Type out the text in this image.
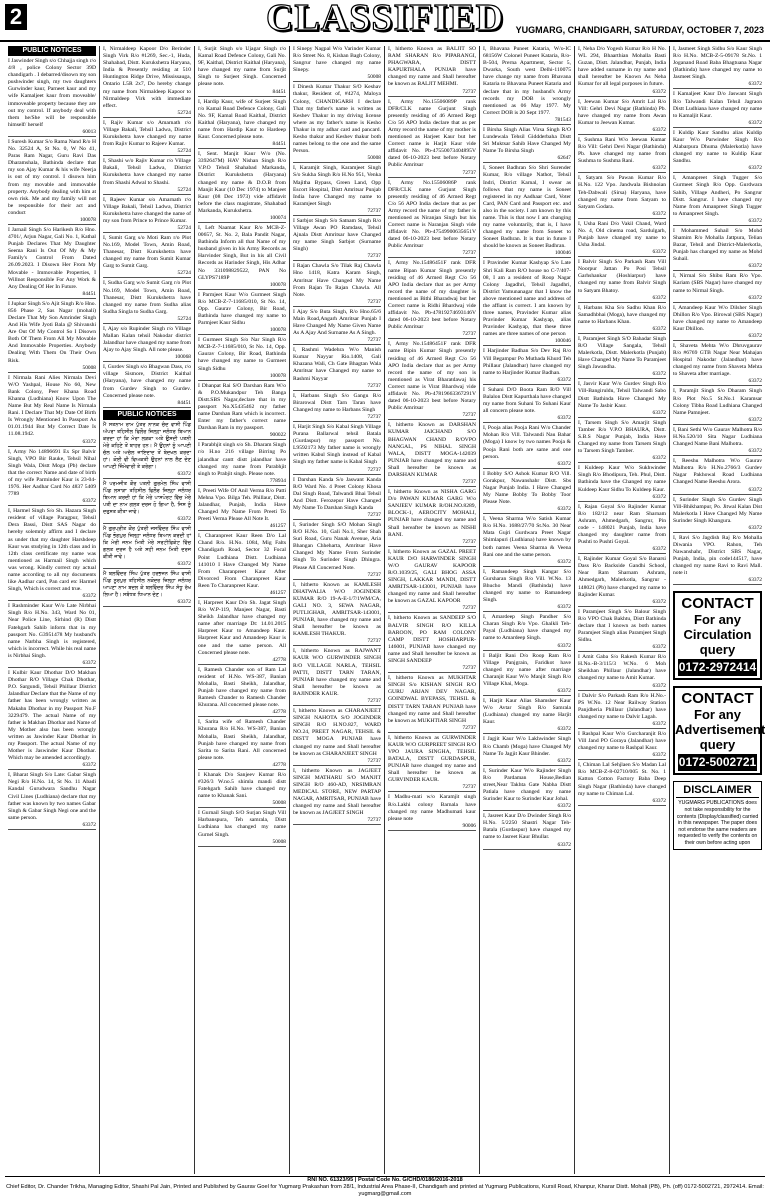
2	CLASSIFIED	YUGMARG, CHANDIGARH, SATURDAY, OCTOBER 7, 2023
PUBLIC NOTICES

I Jaswinder Singh s/o Chhajja singh r/o 4/8 , police Colony Sector 39D chandigarh . I debarred/disown my son pushwinder singh, my two daughters Gurwinder kaur, Parneet kaur and my wife Kamaljeet kaur from moveable/ immoveable property because they are out my control. If anybody deal with them he/She will be responsible himself/ herself

60013

I Suresh Kumar S/o Rama Nand R/o H No. 32524 A, St No. 0, W No 41, Paras Ram Nagar, Guru Ravi Das Dharamshala, Bathinda declare that my son Ajay Kumar & his wife Neerja is out of my control. I disown him from my movable and immovable property. Anybody dealing with him at own risk. Me and my family will not be responsible for their act and conduct

100078

I Jarnail Singh S/o Harikesh R/o Hno. 4701/, Arjun Nagar, Gali No. 1, Kathal Punjab Declares That My Daughter Seema Rani Is Out Of My & My Family's Control From Dated 26.09.2023. I Disown Her From My Movable - Immovable Properties, I Willnot Responsible For Any Work & Any Dealing Of Her In Future.

84451

I Jupkar Singh S/o Ajit Singh R/o Hno. 856 Phase 2, Sas Nagar (mohali) Declare That My Son Amrinder Singh And His Wife Jyoti Bala @ Shivanshi Are Out Of My Control So I Disown Both Of Them From All My Movable And Immovable Properties. Anybody Dealing With Them On Their Own Risk.

50008

I Nirmala Rani Alies Nirmala Devi W/O Yashpal, House No 60, New Bank Colony, Peer Khana Road Khanna (Ludhiana) Know Upon The Name But My Real Name Is Nirmala Rani. I Declare That My Date Of Birth Is Wrongly Mentioned In Passport As 01.01.1944 But My Correct Date Is 11.08.1942.

63372

I, Army No 14896691 Ex Spr Balvir Singh, VPO Bir Rauke, Tehsil Nihal Singh Wala, Distt Moga (Pb) declare that the correct Name and date of birth of my wife Parminder Kaur is 23-04-1976. Her Aadhar Card No 4837 5409 7789

63372

I, Harmel Singh S/o Sh. Hazara Singh resident of village Paragpur, Tehsil Dera Bassi, Distt SAS Nagar do hereby solemnly affirm and I declare as under that my daughter Harshdeep Kaur was studying in 12th class and in 12th class certificate my name was mentioned as Harmail Singh which was wrong. Kindly correct my actual name according to all my documents like Aadhar card, Pan card etc Harmel Singh, Which is correct and true.

63372

I Rashminder Kaur W/o Late Nirbhai Singh R/o H.No. 343, Ward No 01, Near Police Line, Sirhind (R) Distt Fatehgarh Sahib inform that in my passport No. G3951478 My husband's name Narbha Singh is registered, which is incorrect. While his real name is Nirbhai Singh.

63372

I Kulbir Kaur Dhothar D/O Makhan Dhothar R/O Village Chak Dhothar, P.O. Sargundi, Tehsil Phillaur District Jalandhar Declare that the Name of my father has been wrongly written as Makahn Dhothar in my Passport No.F 3229479. The actual Name of my father is Makhan Dhothar and Name of My Mother also has been wrongly written as Jawinder Kaur Dhothar in my Passport. The actual Name of my Mother is Jaswinder Kaur Dhothar. Which may be amended accordingly.

63372

I, Bharat Singh S/o Late: Gabar Singh Negi R/o H.No. 14, St No. 11 Abadi Kandal Gurudwara Sandhu Nagar Civil Lines (Ludhiana) declare that my father was known by two names Gabar Singh & Gabar Singh Negi one and the same person.

63372

I, Nirmaldeep Kapoor D/o Berinder Singh Virk R/o #1269, Sec.-1, Huda, Shahabad, Distt. Kurukshetra Haryana, India & Presently residing at 510 Huntington Ridge Drive, Mississauga, Ontario L5R 2x7, Do hereby change my name from Nirmaldeep Kapoor to Nirmaldeep Virk with immediate effect.

52724

I, Rajiv Kumar s/o Amarnath r/o Village Bakali, Tehsil Ladwa, District Kurukshetra have changed my name from Rajiv Kumar to Rajeev Kumar.

52724

I, Shashi w/o Rajiv Kumar r/o Village Bakali, Tehsil Ladwa, District Kurukshetra have changed my name from Shashi Adwal to Shashi.

52724

I, Rajeev Kumar s/o Amarnath r/o Village Bakali, Tehsil Ladwa, District Kurukshetra have changed the name of my son from Prince to Prince Kumar.

52724

I, Sumit Garg s/o Moti Ram r/o Plot No.169, Model Town, Amin Road, Thanesar, Distt Kurukshetra have changed my name from Sumit Kumar Garg to Sumit Garg.

52724

I, Sudha Garg w/o Sumit Garg r/o Plot No.169, Model Town, Amin Road, Thanesar, Distt Kurukshetra have changed my name from Sudha alias Sudha Singla to Sudha Garg.

52724

I, Ajay s/o Rupinder Singh r/o Village Mallan Kalan tehsil Nakodar district Jalandhar have changed my name from Ajay to Ajay Singh. All note please.

100068

I, Gurdev Singh s/o Bhagwan Dass, r/o village Sismore, District Kaithal (Haryana), have changed my name from Gurdev Singh to Gurdev. Concerned please note.

84451
PUBLIC NOTICES

ਮੈਂ ਸਤਨਾਮ ਰਾਮ ਪੁੱਤਰ ਨਾਨਕ ਚੰਦ ਵਾਸੀ ਪਿੰਡ ਅੱਪਰਾ ਤਹਿਸੀਲ ਫਿਲੌਰ ਜ਼ਿਲ੍ਹਾ ਜਲੰਧਰ ਬਿਆਨ ਕਰਦਾ ਹਾਂ ਕਿ ਮੇਰਾ ਲੜਕਾ ਅਤੇ ਉਸਦੀ ਪਤਨੀ ਮੇਰੇ ਕਹਿਣੇ ਤੋਂ ਬਾਹਰ ਹਨ। ਮੈਂ ਉਹਨਾਂ ਨੂੰ ਆਪਣੀ ਚੱਲ ਅਤੇ ਅਚੱਲ ਜਾਇਦਾਦ ਤੋਂ ਬੇਦਖਲ ਕਰਦਾ ਹਾਂ। ਕੋਈ ਵੀ ਵਿਅਕਤੀ ਉਹਨਾਂ ਨਾਲ ਲੈਣ ਦੇਣ ਆਪਣੀ ਜ਼ਿੰਮੇਵਾਰੀ ਤੇ ਕਰੇਗਾ।

63372

ਮੈਂ ਪਰਮਜੀਤ ਕੌਰ ਪਤਨੀ ਗੁਰਮੇਲ ਸਿੰਘ ਵਾਸੀ ਪਿੰਡ ਲਸਾੜਾ ਤਹਿਸੀਲ ਫਿਲੌਰ ਜ਼ਿਲ੍ਹਾ ਜਲੰਧਰ ਬਿਆਨ ਕਰਦੀ ਹਾਂ ਕਿ ਮੇਰੇ ਪਾਸਪੋਰਟ ਵਿੱਚ ਮੇਰੇ ਪਤੀ ਦਾ ਨਾਮ ਗਲਤ ਦਰਜ ਹੋ ਗਿਆ ਹੈ, ਜਿਸ ਨੂੰ ਦਰੁਸਤ ਕੀਤਾ ਜਾਵੇ।

63372

ਮੈਂ ਗੁਰਪ੍ਰੀਤ ਕੌਰ ਪੁੱਤਰੀ ਜਸਵਿੰਦਰ ਸਿੰਘ ਵਾਸੀ ਪਿੰਡ ਭੋਗਪੁਰ ਜ਼ਿਲ੍ਹਾ ਜਲੰਧਰ ਬਿਆਨ ਕਰਦੀ ਹਾਂ ਕਿ ਮੇਰੀ ਜਨਮ ਮਿਤੀ ਮੇਰੇ ਸਰਟੀਫਿਕੇਟ ਵਿੱਚ ਗਲਤ ਦਰਜ ਹੈ ਅਤੇ ਸਹੀ ਜਨਮ ਮਿਤੀ ਦਰਜ ਕੀਤੀ ਜਾਵੇ।

63372

ਮੈਂ ਬਲਵਿੰਦਰ ਸਿੰਘ ਪੁੱਤਰ ਹਰਭਜਨ ਸਿੰਘ ਵਾਸੀ ਪਿੰਡ ਨੂਰਪੁਰ ਤਹਿਸੀਲ ਨਕੋਦਰ ਜ਼ਿਲ੍ਹਾ ਜਲੰਧਰ ਆਪਣਾ ਨਾਮ ਬਦਲ ਕੇ ਬਲਵਿੰਦਰ ਸਿੰਘ ਸੰਧੂ ਰੱਖ ਲਿਆ ਹੈ। ਸਬੰਧਤ ਧਿਆਨ ਦੇਣ।

63372

I, Surjit Singh s/o Ujagar Singh r/o Kamal Road Defence Colony, Gali No. 9F, Kaithal, District Kaithal (Haryana), have changed my name from Surjit Singh to Surjeet Singh. Concerned please note.

84451

I, Hardip Kaur, wife of Surjeet Singh r/o Kamal Road Defence Colony, Gali No. 9F, Kamal Road Kaithal, District Kaithal (Haryana), have changed my name from Hardip Kaur to Hardeep Kaur. Concerned please note.

84451

I, Sent. Manjit Kaur W/o (No. 3392647M) HAV Nishan Singh R/o V.P.O Tehsil Shahabad Markanda, District Kurukshetra (Haryana) changed my name & D.O.B from Manjit Kaur (10 Dec 1974) to Manjeet Kaur (08 Dec 1973) vide affidavit before the class magistrate, Shahabad Markanda, Kurukshetra.

100074

I, Left Naamat Kaur R/o MCB-Z-00657, St. No. 2, Bala Pandit Nagar, Bathinda Inform all that Name of my husband given in his Army Records as Harvinder Singh, But in his all Civil Records as Harinder Singh, His Adhar No 331098829522, PAN No GLYPS7189P

100078

I Parmjeet Kaur W/o Gurmeet Singh R/o MCB-Z-7-11685/010, St No. 14, Opp. Gaurav Colony, Bir Road, Bathinda have changed my name to Parmjeet Kaur Sidhu

100078

I Gurmeet Singh S/o Nar Singh R/o MCB-Z-7-11685/010, St No. 14, Opp. Gaurav Colony, Bir Road, Bathinda have changed my name to Gurmeet Singh Sidhu

100078

I Dhanpat Rai S/O Darshan Ram W/o & P.O.Mukandpur Teh Banga Distt.SBS Nagar,declare that in my passport No.X5435462 my father name Darshan Ram which is incorrect. Enter my father's correct name Darshan Ram in my passport.

900022

I Parabhjit singh s/o Sh. Dharam Singh r/o H.no 216 village Birring Po jalandhar cantt distt jalandhar have changed my name from Parabhjit singh to Prabjit singh. Please note.

778934

I, Preeti Wife Of Anil Verma R/o Patti Mehna Vpo. Bilga Teh. Phillaur, Distt. Jalandhar, Punjab, India Have Changed My Name From Preeti To Preeti Verma Please All Note It.

461257

I, Charanpreet Kaur Reen D/o Lal Chand R/o. H.No. 1084, Mig Falts Chandigarh Road, Sector 32 Focal Point Ludhiana Distt. Ludhiana 141010 I Have Changed My Name From Charanpreet Kaur After Divorced From Charanpreet Kaur Reen To Charanpreet Kaur.

461257

I, Harpreet Kaur D/o Sh. Jagat Singh R/o W.P-119, Manjeet Nagar, Basti Sheikh Jalandhar have changed my name after marriage Dt: 14.01.2015 Harpreet Kaur to Amandeep Kaur. Harpreet Kaur and Amandeep Kaur is one and the same person. All Concerned please note.

42778

I, Ramesh Chander son of Ram Lal resident of H.No. WS-387, Banian Mohalla, Basti Sheikh, Jalandhar, Punjab have changed my name from Ramesh Chander to Ramesh Chander Khurana. All concerned please note.

42778

I, Sarita wife of Ramesh Chander Khurana R/o H.No. WS-387, Banian Mohalla, Basti Sheikh, Jalandhar, Punjab have changed my name from Sarita to Sarita Rani. All concerned please note.

42778

I Khanak D/o Sanjeev Kumar R/o #326/3 W.no.5 shimla mandi distt Fatehgarh Sahib have changed my name to Khanak Sani.

50008

I Gurnail Singh S/O Surjan Singh Vill Harbanspura, Teh samrala, Distt Ludhiana has changed my name Gurnel Singh.

50008

I Sinepy Nagpal W/o Varinder Kumar R/o Street No. 8, Kishan Bagh Colony, Sangrur have changed my name Sinepy.

50008

I Dinesh Kumar Thakur S/O Keshav thakur, Resident of, #4274, Maloya Colony, CHANDIGARH I declare That my father's name is written as Keshev Thakur in my driving license where as my father's name is Kesho Thakur in my adhar card and pancard. Kesho thakur and Keshev thakur both names belong to the one and the same Person.

50008

I, Karamjit Singh, Karamjeet Singh S/o Sukha Singh R/o H.No 951, Venka Majitha Bypass, Green Land, Opp Escort Hospital, Distt Amritsar Punjab India have Changed my name to Karamjeet Singh

72737

I Sarbjot Singh S/o Satnam Singh R/o Village Awan PO Ramdass, Tehsil Ajnala Distt Amritsar have Changed my name Singh Sarbjot (Surname Singh)

72737

I Rajan Chawla S/o Tilak Raj Chawla Hno 1418, Katra Karam Singh, Amritsar Have Changed My Name From Rajan To Rajan Chawla. All Note.

72737

I Ajay S/o Buta Singh, R/o Hno.65/6 Main Road,Angarh Amritsar Punjab I Have Changed My Name Given Name As A Ajay And Surname As A Singh.

72737

I, Rashmi Wadehra W/o Manish Kumar Nayyar Rio.1408, Gali Khazana Wali, Ch Gate Bhagtan Wala Amritsar have Changed my name to Rashmi Nayyar

72737

I, Harbans Singh S/o Gangu R/o Birarowal Distt Tarn Taran have Changed my name to Harbans Singh

72737

I, Harjit Singh S/o Kabal Singh Village Purana Ballarwal tehsil Batala (Gurdaspur) my passport No. L9592173 My father name is wrongly written Kabul Singh instead of Kabal Singh my father name is Kabal Singh

72737

I Darshan Kanda S/o Jaswant Kanda R/O Ward No. 4 Preet Colony Khosa Dal Singh Road, Talwandi Bhai Tehsil And Distt. Ferozepur Have Changed My Name To Darshan Singh Kanda

72737

I, Surinder Singh S/O Mohan Singh R/O H.No. 10, Gali No.1, Sher Shah Suri Road, Guru Nanak Avenue, Aria Bhangan Chheharta, Amritsar Have Changed My Name From Surinder Singh To Surinder Singh Dhingra. Please All Concerned Note.

72737

I, hitherto Known as KAMLESH DHATWALIA W/O JOGINDER KUMAR R/O 19-A-E-1/7/1WM/CA, GALI NO. 3, SEWA NAGAR, PUTLIGHAR, AMRITSAR-143001, PUNJAB, have changed my name and Shall hereafter be known as KAMLESH THAKUR.

72737

I, hitherto Known as RAJWANT KAUR W/O GURWINDER SINGH R/O VILLAGE NARLA, TEHSIL PATTI, DISTT TARN TARAN, PUNJAB have changed my name and Shall hereafter be known as RAJINDER KAUR.

72737

I, hitherto Known as CHARANJEET SINGH NAHOTA S/O JOGINDER SINGH R/O H.NO.827, WARD NO.24, PREET NAGAR, TEHSIL & DISTT MOGA PUNJAB have changed my name and Shall hereafter be known as CHARANJEET SINGH

72737

I, hitherto Known as JAGJEET SINGH MATHARU S/O MANJIT SINGH R/O 460-AD, NRSIMRAN MEDICAL STORE, NEW PARTAP NAGAR, AMRITSAR, PUNJAB have changed my name and Shall hereafter be known as JAGJEET SINGH

72737

I, hitherto Known as BALJIT SO RAM SHARAN R/o PIPARANGI, PHAGWARA, DISTT KAPURTHALA PUNJAB have changed my name and Shall hereafter be known as BALJIT MEHMI.

72737

I, Army No.15506089P rank DFR/CLK name Gurjunt Singh presently residing of 46 Armed Regt C/o 56 APO India declare that as per Army record the name of my mother is mentioned as Harjeet Kaur but her Correct name is Harjit Kaur vide affidavit No. Pb-47550073404895V dated 06-10-2023 best before Notary Public Amritsar

72737

I, Army No.15506086P rank DFR/CLK name Gurjunt Singh presently residing of 46 Armed Regt C/o 56 APO India declare that as per Army record the name of my father is mentioned as Niranjan Singh but his Correct name is Naranjan Singh vide affidavit No. Pb-47549900635651V dated 06-10-2023 best before Notary Public Amritsar

72737

I, Army No.15486451F rank DFR name Bipan Kumar Singh presently residing of 46 Armed Regt C/o 56 APO India declare that as per Army record the name of my daughter is mentioned as Bithi Bharadwaj but her Correct name is Ridhi Bhardwaj vide affidavit No. Pb-47819274693146V dated 06-10-2023 best before Notary Public Amritsar

72737

I, Army No.15486451F rank DFR name Bipin Kumar Singh presently residing of 46 Armed Regt C/o 56 APO India declare that as per Army record the name of my son is mentioned as Virat Bharatdawaj his Correct name is Virat Bhardwaj vide affidavit No. Pb-47819663367291V dated 06-10-2023 best before Notary Public Amritsar

72737

I, hitherto Known as DARSHAN KUMAR JAICHAND S/O BHAGWAN CHAND R/OVPO NANGAL, PS NIHAL SINGH WALA, DISTT MOGA-142039 PUNJAB have changed my name and Shall hereafter be known as DARSHAN KUMAR

72737

I, hitherto Known as NISHA GARG D/o PAWAN KUMAR GARG W/o SANJEEV KUMAR R/OH.NO.8289, BLOCK-1, AEROCITY MOHALI, PUNJAB have changed my name and Shall hereafter be known as NISHI RANI.

72737

I, hitherto Known as GAZAL PREET KAUR D/O HARWINDER SINGH W/O GAURAV KAPOOR R/O.1039/25, GALI BHOG ASSA SINGH, LAKKAR MANDI, DISTT AMRITSAR-143001, PUNJAB have changed my name and Shall hereafter be known as GAZAL KAPOOR

72737

I, hitherto Known as SANDEEP S/O BALVIR SINGH R/O KILLA BAROON, PO RAM COLONY CAMP DISTT HOSHIARPUR-146001, PUNJAB have changed my name and Shall hereafter be known as SINGH SANDEEP

72737

I, hitherto Known as MUKHTAR SINGH S/o KISHAN SINGH R/O GURU ARJAN DEV NAGAR, GOINDWAL BYEPASS, TEHSIL & DISTT TARN TARAN PUNJAB have changed my name and Shall hereafter be known as MUKHTIAR SINGH

72737

I, hitherto Known as GURWINDER KAUR W/O GURPREET SINGH R/O VPO JAURA SINGHA, TEHSIL BATALA, DISTT GURDASPUR, PUNJAB have changed my name and Shall hereafter be known as GURVINDER KAUR.

72737

I Madhu-mati w/o Karamjit singh R/o.Lakhi colony Barnala have changed my name Madhumati kaur please note

90006

I, Bhavana Puneet Kataria, W/o-IC 68156W Colonel Puneet Kataria, R/o- B-504, Prerna Apartment, Sector 5, Dwarka, South west Delhi-110075 have change my name from Bhavana Kataria to Bhavana Puneet Kataria and declare that in my husband's Army records my DOB is wrongly mentioned as 06 May 1977. My Correct DOB is 20 Sept 1977.

781543

I Birsha Singh Alias Virsa Singh R/O Lundewala Tehsil Giddderbaha Distt Sri Muktsar Sahib Have Changed My Name To Birsha Singh

62647

I, Soneet Badhran S/o Shri Surender Kumar, R/o village Nathot, Tehsil Indri, District Karnal, I swear as follows that my name is Soneet registered in my Aadhaar Card, Voter Card, PAN Card and Passport etc. and also in the society. I am known by this name. This is that now I am changing my name voluntarily, that is, I have changed my name from Soneet to Soneet Badhran. It is that in future I should be known as Soneet Badhran.

100046

I Pravinder Kumar Kashyap S/o Late Shri Kali Ram R/O house no C-7/407-08, I am a resident of Roop Nagar Colony Jagadhri, Tehsil Jagadhri, District Yamunanagar that I know the above mentioned name and address of the affiant is correct. I am known by three names, Pravinder Kumar alias Pravinder Kumar Kashyap, alias Pravinder Kashyap, that these three names are three names of one person

100046

I Harjinder Badhan S/o Dev Raj R/o Vill Begampur Po Muthada Khurd Teh Phillaur (Jalandhar) have changed my name to Harjinder Kumar Badhan.

63372

I Suhani D/O Boota Ram R/O Vill Balalon Distt Kapurthala have changed my name from Suhani To Suhani Kaur all concern please note.

63372

I, Pooja alias Pooja Rani W/o Chander Mohan R/o Vill. Talwandi Nau Bahar (Moga) I know by two names Pooja & Pooja Rani both are same and one person.

63372

I Bobby S/O Ashok Kumar R/O Vill. Gorakpur, Nawanshahr Distt. Sbs Nagar Punjab India. I Have Changed My Name Bobby To Bobby Toor Please Note.

63372

I, Veena Sharma W/o Satish Kumar R/o H.No. 1688/27/70 St.No. 30 Near Mata Gujri Gurdwara Preet Nagar Shimlapuri (Ludhiana) have known by both names Veena Sharma & Veena Rani one and the same person.

63372

I, Ramandeep Singh Kangar S/o Gursharan Singh R/o Vill. W.No. 13 Bhucho Mandi (Bathinda) have changed my name to Ramandeep Singh.

63372

I, Amardeep Singh Pandher S/o Charan Singh R/o Vpo. Ghalkli Teh-Payal (Ludhiana) have changed my name to Amardeep Singh.

63372

I Baljit Rani D/o Roop Ram R/o Village Panjgrain, Faridkot have changed my name after marriage Charanjit Kaur W/o Manjit Singh R/o Village Khai, Moga.

63372

I, Harjit Kaur Alias Shamsher Kaur W/o Avtar Singh R/o Samrala (Ludhiana) changed my name Harjit Kaur.

63372

I Jagjit Kaur W/o Lakhwinder Singh R/o Chamb (Moga) have Changed My Name To Jagjit Kaur Bhinder.

63372

I, Surinder Kaur W/o Rajinder Singh R/o Pardaman House,Bedian street,Near Takhta Gate Nabha Distt Patiala have changed my name Surinder Kaur to Surinder Kaur Johal.

63372

I, Jasreet Kaur D/o Dwinder Singh R/o H.No. 5/2250 Shastri Nagar Teh-Batala (Gurdaspur) have changed my name to Jasreet Kaur Bhullar.

63372

I, Neha D/o Yogesh Kumar R/o H No. WL 294, Bhaarthian Mohalla Basti Guzan, Distt. Jalandhar, Punjab, India have added surname in my name and shall hereafter be Known As Neha Kumar for all legal purposes in future.

63372

I, Jeewan Kumar S/o Amrit Lal R/o Vill: Gehri Devi Nagar (Bathinda) Pb. have changed my name from Awan Kumar to Jeewan Kumar.

63372

I, Sushma Rani W/o Jeewan Kumar R/o Vill: Gehri Devi Nagar (Bathinda) Pb. have changed my name from Sushma to Sushma Rani.

63372

I, Satyam S/o Pawan Kumar R/o H.No. 122 Vpo. Jandwala Bishnoian Teh-Dabwali (Sirsa) Haryana, have changed my name from Satyam to Satyam Godara.

63372

I, Usha Rani D/o Vakil Chand, Ward No. 4, Old cinema road, Sardulgarh, Punjab have changed my name to Usha Jindal.

63372

I Balvir Singh S/o Parkash Ram Vill Noorpur Jattan Po Posi Tehsil Garhshankar (Hoshiarpur) have changed my name from Balvir Singh to Satyam Bhatoy.

63372

I, Harbans Kha S/o Sadhu Khan R/o Samadhbhai (Moga), have changed my name to Harbans Khan.

63372

I, Paramjeet Singh S/O Bahadar Singh R/O Village Sangala, Tehsil Malerkotla, Distt. Malerkotla (Punjab) Have Changed My Name To Paramjeet Singh Jawandha.

63372

I, Jasvir Kaur W/o Gurdev Singh R/o Vill-Bangiruldu, Tehsil Talwandi Sabo Distt Bathinda Have Changed My Name To Jasbir Kaur.

63372

I, Tarsem Singh S/o Amarjit Singh Tamber R/o V.P.O BHAURA, Distt. S.B.S Nagar Punjab, India Have Changed my name from Tarsem Singh to Tarsem Singh Tamber.

63372

I Kuldeep Kaur W/o Sukhwinder Singh R/o Bhodipura, Teh. Phul, Distt. Bathinda have the Changed my name Kuldeep Kaur Sidhu To Kuldeep Kaur.

63372

I, Rajan Goyal S/o Rajinder Kumar R/o 182/12 near Ram Sharnam Ashram, Ahmedgarh, Sangrur, Pin code - 148021 Punjab, India have changed my daughter name from Pushti to Pushti Goyal.

63372

I, Rajinder Kumar Goyal S/o Banarsi Dass R/o Backside Gandhi School, Near Ram Sharnam Ashram, Ahmedgarh, Malerkotla, Sangrur - 148021 (Pb) have changed my name to Rajinder Kumar.

63372

I Paramjeet Singh S/o Balour Singh R/o VPO Chak Bakhtu, Distt Bathinda declare that I known as both names Paramjeet Singh alias Paramjeet Singh Sidhu.

63372

I Amit Gaba S/o Rakesh Kumar R/o H.No.-B-3/115/3 W.No. 6 Moh Sheikhan Phillaur (Jalandhar) have changed my name to Amit Kumar.

63372

I Dalvir S/o Parkash Ram R/o H.No.-PS W.No. 12 Near Railway Station Panjdheria Phillaur (Jalandhar) have changed my name to Dalvir Lagah.

63372

I Rashpal Kaur W/o Gurcharanjit R/o Vill Jand PO Goraya (Jalandhar) have changed my name to Rashpal Kaur.

63372

I, Chiman Lal Sehjlaen S/o Madan Lal R/o MCB-Z-8-02710/005 St. No. 1 Katton Cotton Factory Baba Deep Singh Nagar (Bathinda) have changed my name to Chiman Lal.

63372

I, Jasmeet Singh Sidhu S/o Kaur Singh R/o H.No. MCB-Z-5-09178 St.No. 1 Joganand Road Baba Bhagtuana Nagar (Bathinda) have changed my name to Jasmeet Singh.

63372

I Kamaljeet Kaur D/o Jaswant Singh R/o Talwandi Kalan Tehsil Jagraon Distt Ludhiana have changed my name to Kamaljit Kaur.

63372

I Kuldip Kaur Sandhu alias Kuldip Kaur W/o Parwinder Singh R/o Alabarpura Dhuma (Malerkotla) have changed my name to Kuldip Kaur Sandhu.

63372

I, Amanpreet Singh Tugger S/o Gurmeet Singh R/o Opp. Gurdwara Sahib, Village Andheri, Po Sangrur Distt. Sangrur. I have changed my Name from Amanpreet Singh Tugger to Amanpreet Singh.

63372

I Mohammed Suhail S/o Mohd Shamim R/o Mohalla Jattpura, Telian Bazar, Tehsil and District-Malerkotla, Punjab has changed my name as Mohd Suhail.

63372

I, Nirmal S/o Shibu Ram R/o Vpo. Kariam (SBS Nagar) have changed my name to Nirmal Singh.

63372

I, Amandeep Kaur W/o Dilsher Singh Dhillon R/o Vpo. Birowal (SBS Nagar) have changed my name to Amandeep Kaur Dhillon.

63372

I, Shaveta Mehta W/o Dhruvgaurav R/o #6769 GTB Nagar Near Mahajan Hospital Nakodar (Jalandhar) have changed my name from Shaveta Mehta to Shaveta after marriage.

63372

I, Paramjit Singh S/o Dharam Singh R/o Plot No.5 St.No.1 Karamsar Colony Tibba Road Ludhiana Changed Name Pamnjeet.

63372

I, Bani Sethi W/o Gaurav Malhotra R/o H.No.520/10 Sita Nagar Ludhiana Changed Name Bani Malhotra.

63372

I, Reeshu Malhotra W/o Gaurav Malhotra R/o H.No.2766/3 Gurdev Nagar Pakhowal Road Ludhiana Changed Name Reeshu Arora.

63372

I, Surinder Singh S/o Gurdev Singh Vill-Bhikhampur, Po. Jitwal Kalan Dist Malerkotla I Have Changed My Name Surinder Singh Khangura.

63372

I, Ravi S/o Jagdish Raj R/o Mohalla Diwania VPO. Rahon, Teh Nawanshahr, District SBS Nagar, Punjab, India, pin code144517, have changed my name Ravi to Ravi Mall. note it

63372
CONTACT
For any
Circulation
query
0172-2972414
CONTACT
For any
Advertisement
query
0172-5002721
DISCLAIMER
YUGMARG PUBLICATIONS does not take responsibility for the contents (Display/classified) carried in this newspaper. The paper does not endorse the same readers are requested to verify the contents on their own before acting upon
RNI NO. 61323/95 | Postal Code No. G/CHD/0186/2016-2018
Chief Editor, Dr. Chander Trikha, Managing Editor, Shashi Pal Jain, Printed and Published by Gaurav Goel for Yugmarg Prakashan from 28/1, Industrial Area Phase-II, Chandigarh and printed at Yugmarg Publications, Kursil Road, Khanpur, Kharar Distt. Mohali (PB), Ph. (off) 0172-5002721, 2972414. Email: yugmarg@gmail.com
